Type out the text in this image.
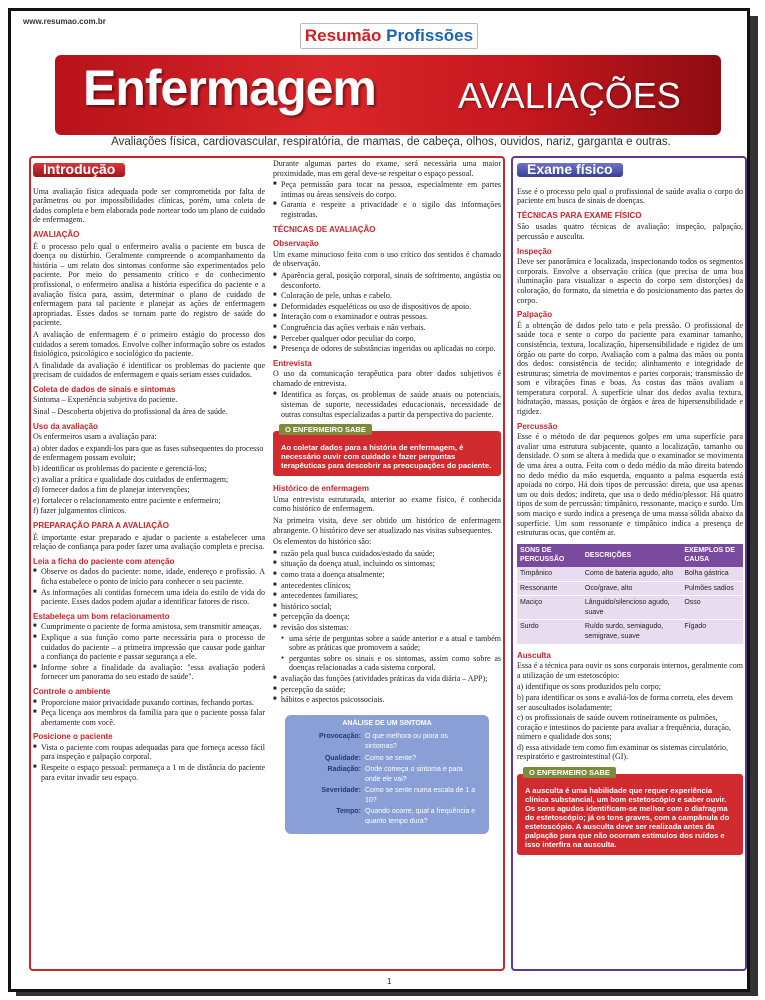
www.resumao.com.br
Resumão Profissões
Enfermagem AVALIAÇÕES
Avaliações física, cardiovascular, respiratória, de mamas, de cabeça, olhos, ouvidos, nariz, garganta e outras.
Introdução

Uma avaliação física adequada pode ser comprometida por falta de parâmetros ou por impossibilidades clínicas, porém, uma coleta de dados completa e bem elaborada pode nortear todo um plano de cuidado de enfermagem.

AVALIAÇÃO

É o processo pelo qual o enfermeiro avalia o paciente em busca de doença ou distúrbio. Geralmente compreende o acompanhamento da história – um relato dos sintomas conforme são experimentados pelo paciente. Por meio do pensamento crítico e do conhecimento profissional, o enfermeiro analisa a história específica do paciente e a avaliação física para, assim, determinar o plano de cuidado de enfermagem para tal paciente e planejar as ações de enfermagem apropriadas. Esses dados se tornam parte do registro de saúde do paciente.

A avaliação de enfermagem é o primeiro estágio do processo dos cuidados a serem tomados. Envolve colher informação sobre os estados fisiológico, psicológico e sociológico do paciente.

A finalidade da avaliação é identificar os problemas do paciente que precisam de cuidados de enfermagem e quais seriam esses cuidados.

Coleta de dados de sinais e sintomas

Sintoma – Experiência subjetiva do paciente.

Sinal – Descoberta objetiva do profissional da área de saúde.

Uso da avaliação

Os enfermeiros usam a avaliação para:

a) obter dados e expandi-los para que as fases subsequentes do processo de enfermagem possam evoluir;
b) identificar os problemas do paciente e gerenciá-los;
c) avaliar a prática e qualidade dos cuidados de enfermagem;
d) fornecer dados a fim de planejar intervenções;
e) fortalecer o relacionamento entre paciente e enfermeiro;
f) fazer julgamentos clínicos.
PREPARAÇÃO PARA A AVALIAÇÃO

É importante estar preparado e ajudar o paciente a estabelecer uma relação de confiança para poder fazer uma avaliação completa e precisa.

Leia a ficha do paciente com atenção
■ Observe os dados do paciente: nome, idade, endereço e profissão. A ficha estabelece o ponto de início para conhecer o seu paciente.
■ As informações ali contidas fornecem uma ideia do estilo de vida do paciente. Esses dados podem ajudar a identificar fatores de risco.
Estabeleça um bom relacionamento
■ Cumprimente o paciente de forma amistosa, sem transmitir ameaças.
■ Explique a sua função como parte necessária para o processo de cuidados do paciente – a primeira impressão que causar pode ganhar a confiança do paciente e passar segurança a ele.
■ Informe sobre a finalidade da avaliação: "essa avaliação poderá fornecer um panorama do seu estado de saúde".
Controle o ambiente
■ Proporcione maior privacidade puxando cortinas, fechando portas.
■ Peça licença aos membros da família para que o paciente possa falar abertamente com você.
Posicione o paciente
■ Vista o paciente com roupas adequadas para que forneça acesso fácil para inspeção e palpação corporal.
■ Respeite o espaço pessoal: permaneça a 1 m de distância do paciente para evitar invadir seu espaço.

Durante algumas partes do exame, será necessária uma maior proximidade, mas em geral deve-se respeitar o espaço pessoal.

■ Peça permissão para tocar na pessoa, especialmente em partes íntimas ou áreas sensíveis do corpo.
■ Garanta e respeite a privacidade e o sigilo das informações registradas.
TÉCNICAS DE AVALIAÇÃO
Observação

Um exame minucioso feito com o uso crítico dos sentidos é chamado de observação.

■ Aparência geral, posição corporal, sinais de sofrimento, angústia ou desconforto.
■ Coloração de pele, unhas e cabelo.
■ Deformidades esqueléticas ou uso de dispositivos de apoio.
■ Interação com o examinador e outras pessoas.
■ Congruência das ações verbais e não verbais.
■ Perceber qualquer odor peculiar do corpo.
■ Presença de odores de substâncias ingeridas ou aplicadas no corpo.
Entrevista

O uso da comunicação terapêutica para obter dados subjetivos é chamado de entrevista.

■ Identifica as forças, os problemas de saúde atuais ou potenciais, sistemas de suporte, necessidades educacionais, necessidade de outras consultas especializadas a partir da perspectiva do paciente.
O ENFERMEIRO SABE
Ao coletar dados para a história de enfermagem, é necessário ouvir com cuidado e fazer perguntas terapêuticas para descobrir as preocupações do paciente.
Histórico de enfermagem

Uma entrevista estruturada, anterior ao exame físico, é conhecida como histórico de enfermagem.

Na primeira visita, deve ser obtido um histórico de enfermagem abrangente. O histórico deve ser atualizado nas visitas subsequentes.

Os elementos do histórico são:

■ razão pela qual busca cuidados/estado da saúde;
■ situação da doença atual, incluindo os sintomas;
■ como trata a doença atualmente;
■ antecedentes clínicos;
■ antecedentes familiares;
■ histórico social;
■ percepção da doença;
■ revisão dos sistemas:
● uma série de perguntas sobre a saúde anterior e a atual e também sobre as práticas que promovem a saúde;
● perguntas sobre os sinais e os sintomas, assim como sobre as doenças relacionadas a cada sistema corporal.
■ avaliação das funções (atividades práticas da vida diária – APP);
■ percepção da saúde;
■ hábitos e aspectos psicossociais.
ANÁLISE DE UM SINTOMA
Provocação:	O que melhora ou piora os sintomas?
Qualidade:	Como se sente?
Radiação:	Onde começa o sintoma e para onde ele vai?
Severidade:	Como se sente numa escala de 1 a 10?
Tempo:	Quando ocorre, qual a frequência e quanto tempo dura?
Exame físico

Esse é o processo pelo qual o profissional de saúde avalia o corpo do paciente em busca de sinais de doenças.

TÉCNICAS PARA EXAME FÍSICO

São usadas quatro técnicas de avaliação: inspeção, palpação, percussão e ausculta.

Inspeção

Deve ser panorâmica e localizada, inspecionando todos os segmentos corporais. Envolve a observação crítica (que precisa de uma boa iluminação para visualizar o aspecto do corpo sem distorções) da coloração, do formato, da simetria e do posicionamento das partes do corpo.

Palpação

É a obtenção de dados pelo tato e pela pressão. O profissional de saúde toca e sente o corpo do paciente para examinar tamanho, consistência, textura, localização, hipersensibilidade e rigidez de um órgão ou parte do corpo. Avaliação com a palma das mãos ou ponta dos dedos: consistência de tecido; alinhamento e integridade de estruturas; simetria de movimentos e partes corporais; transmissão de som e vibrações finas e boas. As costas das mãos avaliam a temperatura corporal. A superfície ulnar dos dedos avalia textura, hidratação, massas, posição de órgãos e área de hipersensibilidade e rigidez.

Percussão

Esse é o método de dar pequenos golpes em uma superfície para avaliar uma estrutura subjacente, quanto a localização, tamanho ou densidade. O som se altera à medida que o examinador se movimenta de uma área a outra. Feita com o dedo médio da mão direita batendo no dedo médio da mão esquerda, enquanto a palma esquerda está apoiada no corpo. Há dois tipos de percussão: direta, que usa apenas um ou dois dedos; indireta, que usa o dedo médio/plessor. Há quatro tipos de som de percussão: timpânico, ressonante, maciço e surdo. Um som maciço e surdo indica a presença de uma massa sólida abaixo da superfície. Um som ressonante e timpânico indica a presença de estruturas ocas, que contêm ar.

SONS DE PERCUSSÃO	DESCRIÇÕES	EXEMPLOS DE CAUSA
Timpânico	Como de bateria agudo, alto	Bolha gástrica
Ressonante	Oco/grave, alto	Pulmões sadios
Maciço	Lânguido/silencioso agudo, suave	Osso
Surdo	Ruído surdo, semiagudo, semigrave, suave	Fígado
Ausculta

Essa é a técnica para ouvir os sons corporais internos, geralmente com a utilização de um estetoscópio:

a) identifique os sons produzidos pelo corpo;
b) para identificar os sons e avaliá-los de forma correta, eles devem ser auscultados isoladamente;
c) os profissionais de saúde ouvem rotineiramente os pulmões, coração e intestinos do paciente para avaliar a frequência, duração, número e qualidade dos sons;
d) essa atividade tem como fim examinar os sistemas circulatório, respiratório e gastrointestinal (GI).
O ENFERMEIRO SABE
A ausculta é uma habilidade que requer experiência clínica substancial, um bom estetoscópio e saber ouvir. Os sons agudos identificam-se melhor com o diafragma do estetoscópio; já os tons graves, com a campânula do estetoscópio. A ausculta deve ser realizada antes da palpação para que não ocorram estímulos dos ruídos e isso interfira na ausculta.
1
